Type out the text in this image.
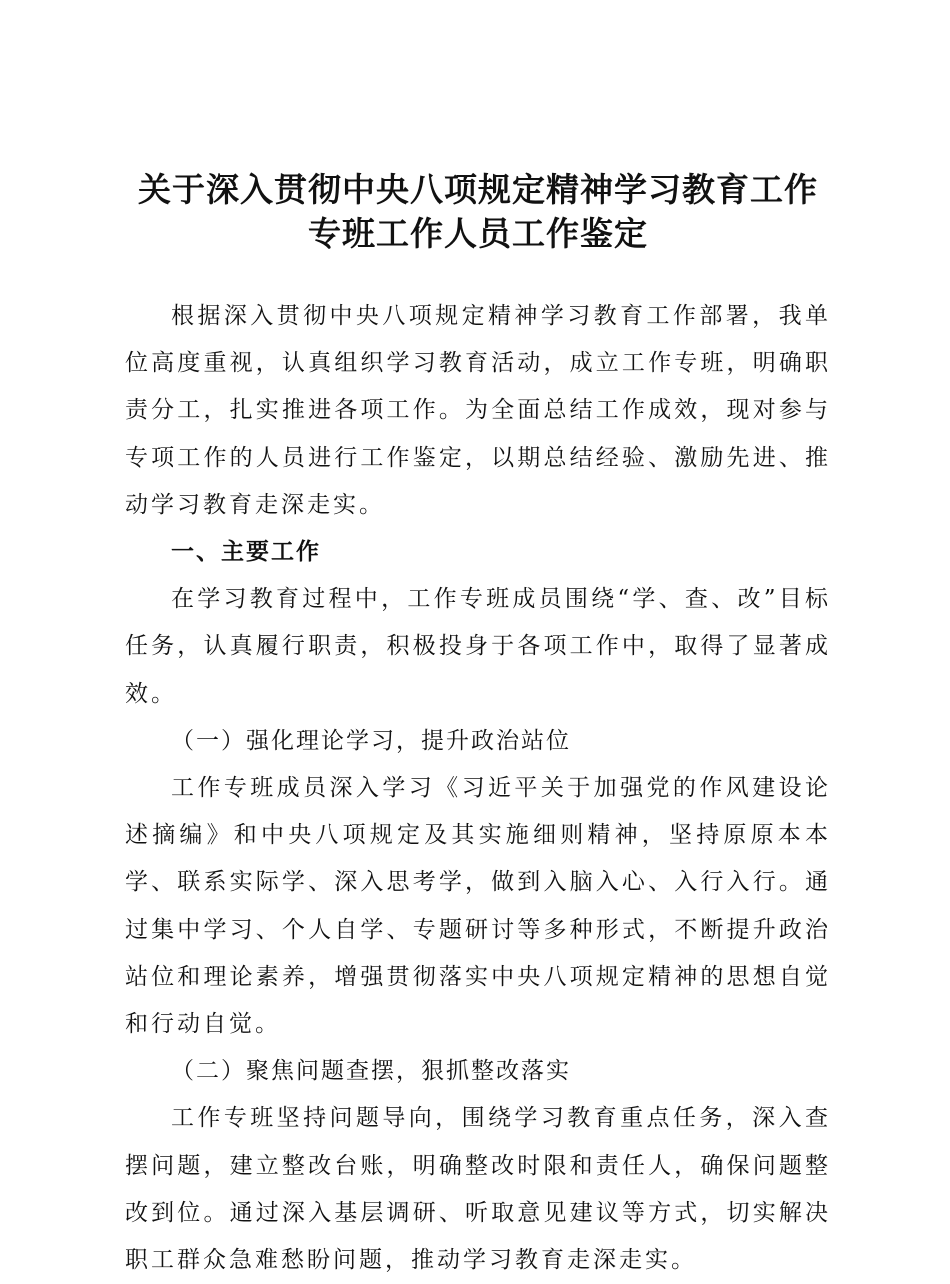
关于深入贯彻中央八项规定精神学习教育工作
专班工作人员工作鉴定

根据深入贯彻中央八项规定精神学习教育工作部署，我单位高度重视，认真组织学习教育活动，成立工作专班，明确职责分工，扎实推进各项工作。为全面总结工作成效，现对参与专项工作的人员进行工作鉴定，以期总结经验、激励先进、推动学习教育走深走实。

一、主要工作

在学习教育过程中，工作专班成员围绕“学、查、改”目标任务，认真履行职责，积极投身于各项工作中，取得了显著成效。

（一）强化理论学习，提升政治站位

工作专班成员深入学习《习近平关于加强党的作风建设论述摘编》和中央八项规定及其实施细则精神，坚持原原本本学、联系实际学、深入思考学，做到入脑入心、入行入行。通过集中学习、个人自学、专题研讨等多种形式，不断提升政治站位和理论素养，增强贯彻落实中央八项规定精神的思想自觉和行动自觉。

（二）聚焦问题查摆，狠抓整改落实

工作专班坚持问题导向，围绕学习教育重点任务，深入查摆问题，建立整改台账，明确整改时限和责任人，确保问题整改到位。通过深入基层调研、听取意见建议等方式，切实解决职工群众急难愁盼问题，推动学习教育走深走实。
